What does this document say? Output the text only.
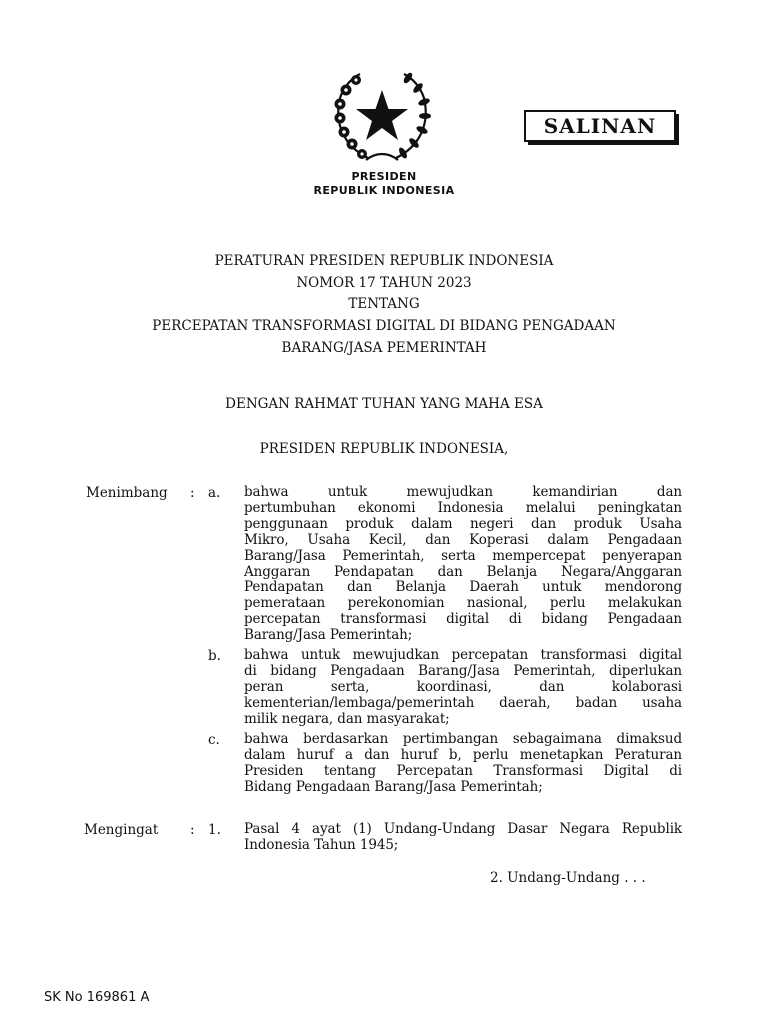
SALINAN
PRESIDEN
REPUBLIK INDONESIA
PERATURAN PRESIDEN REPUBLIK INDONESIA
NOMOR 17 TAHUN 2023
TENTANG
PERCEPATAN TRANSFORMASI DIGITAL DI BIDANG PENGADAAN
BARANG/JASA PEMERINTAH
DENGAN RAHMAT TUHAN YANG MAHA ESA
PRESIDEN REPUBLIK INDONESIA,
Menimbang : a. bahwa untuk mewujudkan kemandirian dan
pertumbuhan ekonomi Indonesia melalui peningkatan
penggunaan produk dalam negeri dan produk Usaha
Mikro, Usaha Kecil, dan Koperasi dalam Pengadaan
Barang/Jasa Pemerintah, serta mempercepat penyerapan
Anggaran Pendapatan dan Belanja Negara/Anggaran
Pendapatan dan Belanja Daerah untuk mendorong
pemerataan perekonomian nasional, perlu melakukan
percepatan transformasi digital di bidang Pengadaan
Barang/Jasa Pemerintah;
b. bahwa untuk mewujudkan percepatan transformasi digital
di bidang Pengadaan Barang/Jasa Pemerintah, diperlukan
peran serta, koordinasi, dan kolaborasi
kementerian/lembaga/pemerintah daerah, badan usaha
milik negara, dan masyarakat;
c. bahwa berdasarkan pertimbangan sebagaimana dimaksud
dalam huruf a dan huruf b, perlu menetapkan Peraturan
Presiden tentang Percepatan Transformasi Digital di
Bidang Pengadaan Barang/Jasa Pemerintah;
Mengingat : 1. Pasal 4 ayat (1) Undang-Undang Dasar Negara Republik
Indonesia Tahun 1945;
2. Undang-Undang . . .
SK No 169861 A
